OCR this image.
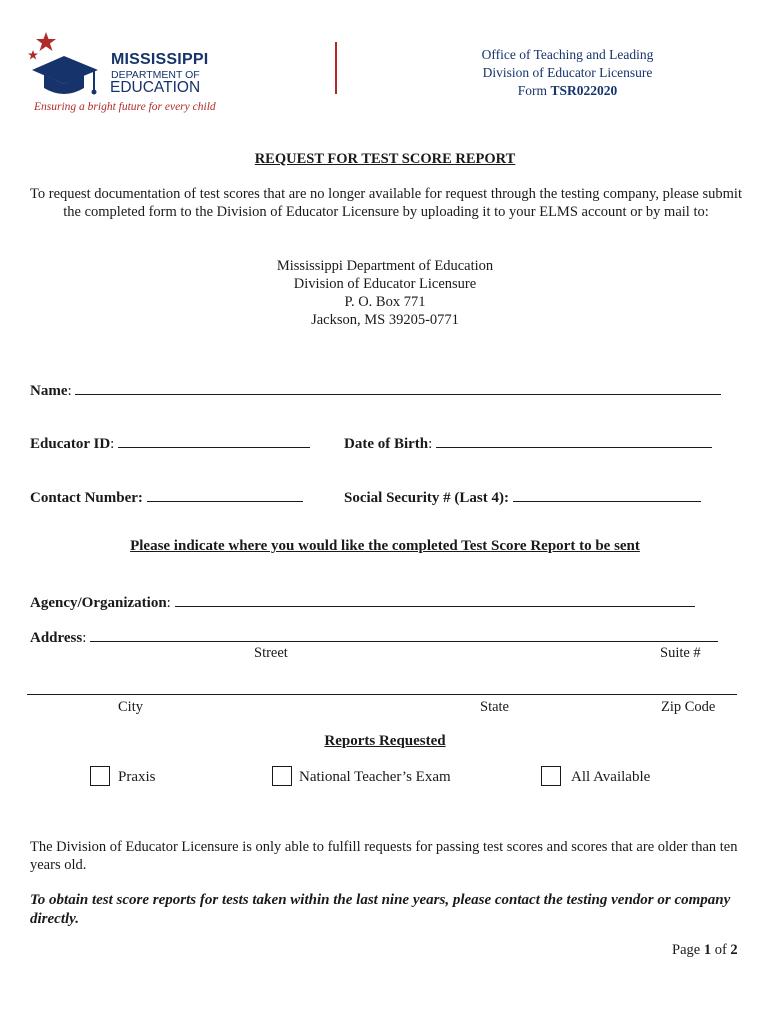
MISSISSIPPI
DEPARTMENT OF
EDUCATION
Ensuring a bright future for every child
Office of Teaching and Leading
Division of Educator Licensure
Form TSR022020
REQUEST FOR TEST SCORE REPORT
To request documentation of test scores that are no longer available for request through the testing company, please submit the completed form to the Division of Educator Licensure by uploading it to your ELMS account or by mail to:
Mississippi Department of Education
Division of Educator Licensure
P. O. Box 771
Jackson, MS 39205-0771
Name:
Educator ID:	Date of Birth:
Contact Number:	Social Security # (Last 4):
Please indicate where you would like the completed Test Score Report to be sent
Agency/Organization:
Address:
Street	Suite #
City	State	Zip Code
Reports Requested
Praxis	National Teacher’s Exam	All Available
The Division of Educator Licensure is only able to fulfill requests for passing test scores and scores that are older than ten years old.
To obtain test score reports for tests taken within the last nine years, please contact the testing vendor or company directly.
Page 1 of 2
